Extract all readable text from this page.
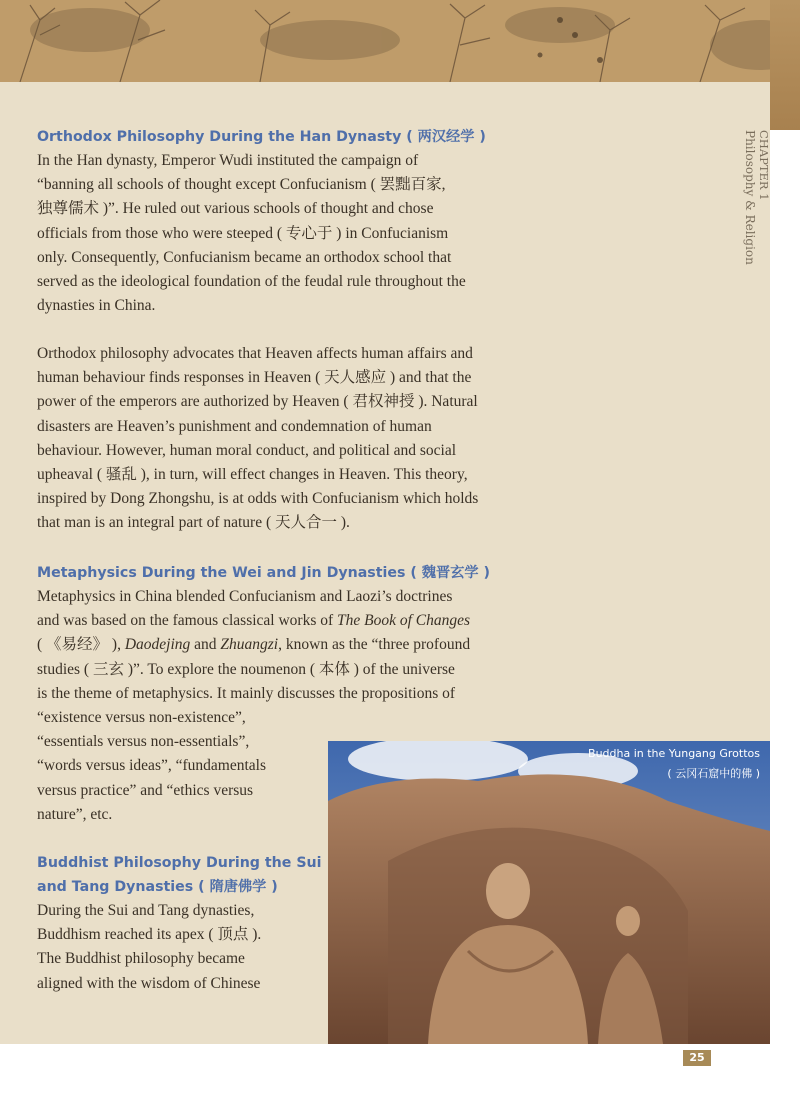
CHAPTER 1
Philosophy & Religion

Orthodox Philosophy During the Han Dynasty ( 两汉经学 )

In the Han dynasty, Emperor Wudi instituted the campaign of

“banning all schools of thought except Confucianism ( 罢黜百家,

独尊儒术 )”. He ruled out various schools of thought and chose

officials from those who were steeped ( 专心于 ) in Confucianism

only. Consequently, Confucianism became an orthodox school that

served as the ideological foundation of the feudal rule throughout the

dynasties in China.

Orthodox philosophy advocates that Heaven affects human affairs and

human behaviour finds responses in Heaven ( 天人感应 ) and that the

power of the emperors are authorized by Heaven ( 君权神授 ). Natural

disasters are Heaven’s punishment and condemnation of human

behaviour. However, human moral conduct, and political and social

upheaval ( 骚乱 ), in turn, will effect changes in Heaven. This theory,

inspired by Dong Zhongshu, is at odds with Confucianism which holds

that man is an integral part of nature ( 天人合一 ).

Metaphysics During the Wei and Jin Dynasties ( 魏晋玄学 )

Metaphysics in China blended Confucianism and Laozi’s doctrines

and was based on the famous classical works of The Book of Changes

( 《易经》 ), Daodejing and Zhuangzi, known as the “three profound

studies ( 三玄 )”. To explore the noumenon ( 本体 ) of the universe

is the theme of metaphysics. It mainly discusses the propositions of

“existence versus non-existence”,

“essentials versus non-essentials”,

“words versus ideas”, “fundamentals

versus practice” and “ethics versus

nature”, etc.

Buddhist Philosophy During the Sui

and Tang Dynasties ( 隋唐佛学 )

During the Sui and Tang dynasties,

Buddhism reached its apex ( 顶点 ).

The Buddhist philosophy became

aligned with the wisdom of Chinese

Buddha in the Yungang Grottos
( 云冈石窟中的佛 )
25
